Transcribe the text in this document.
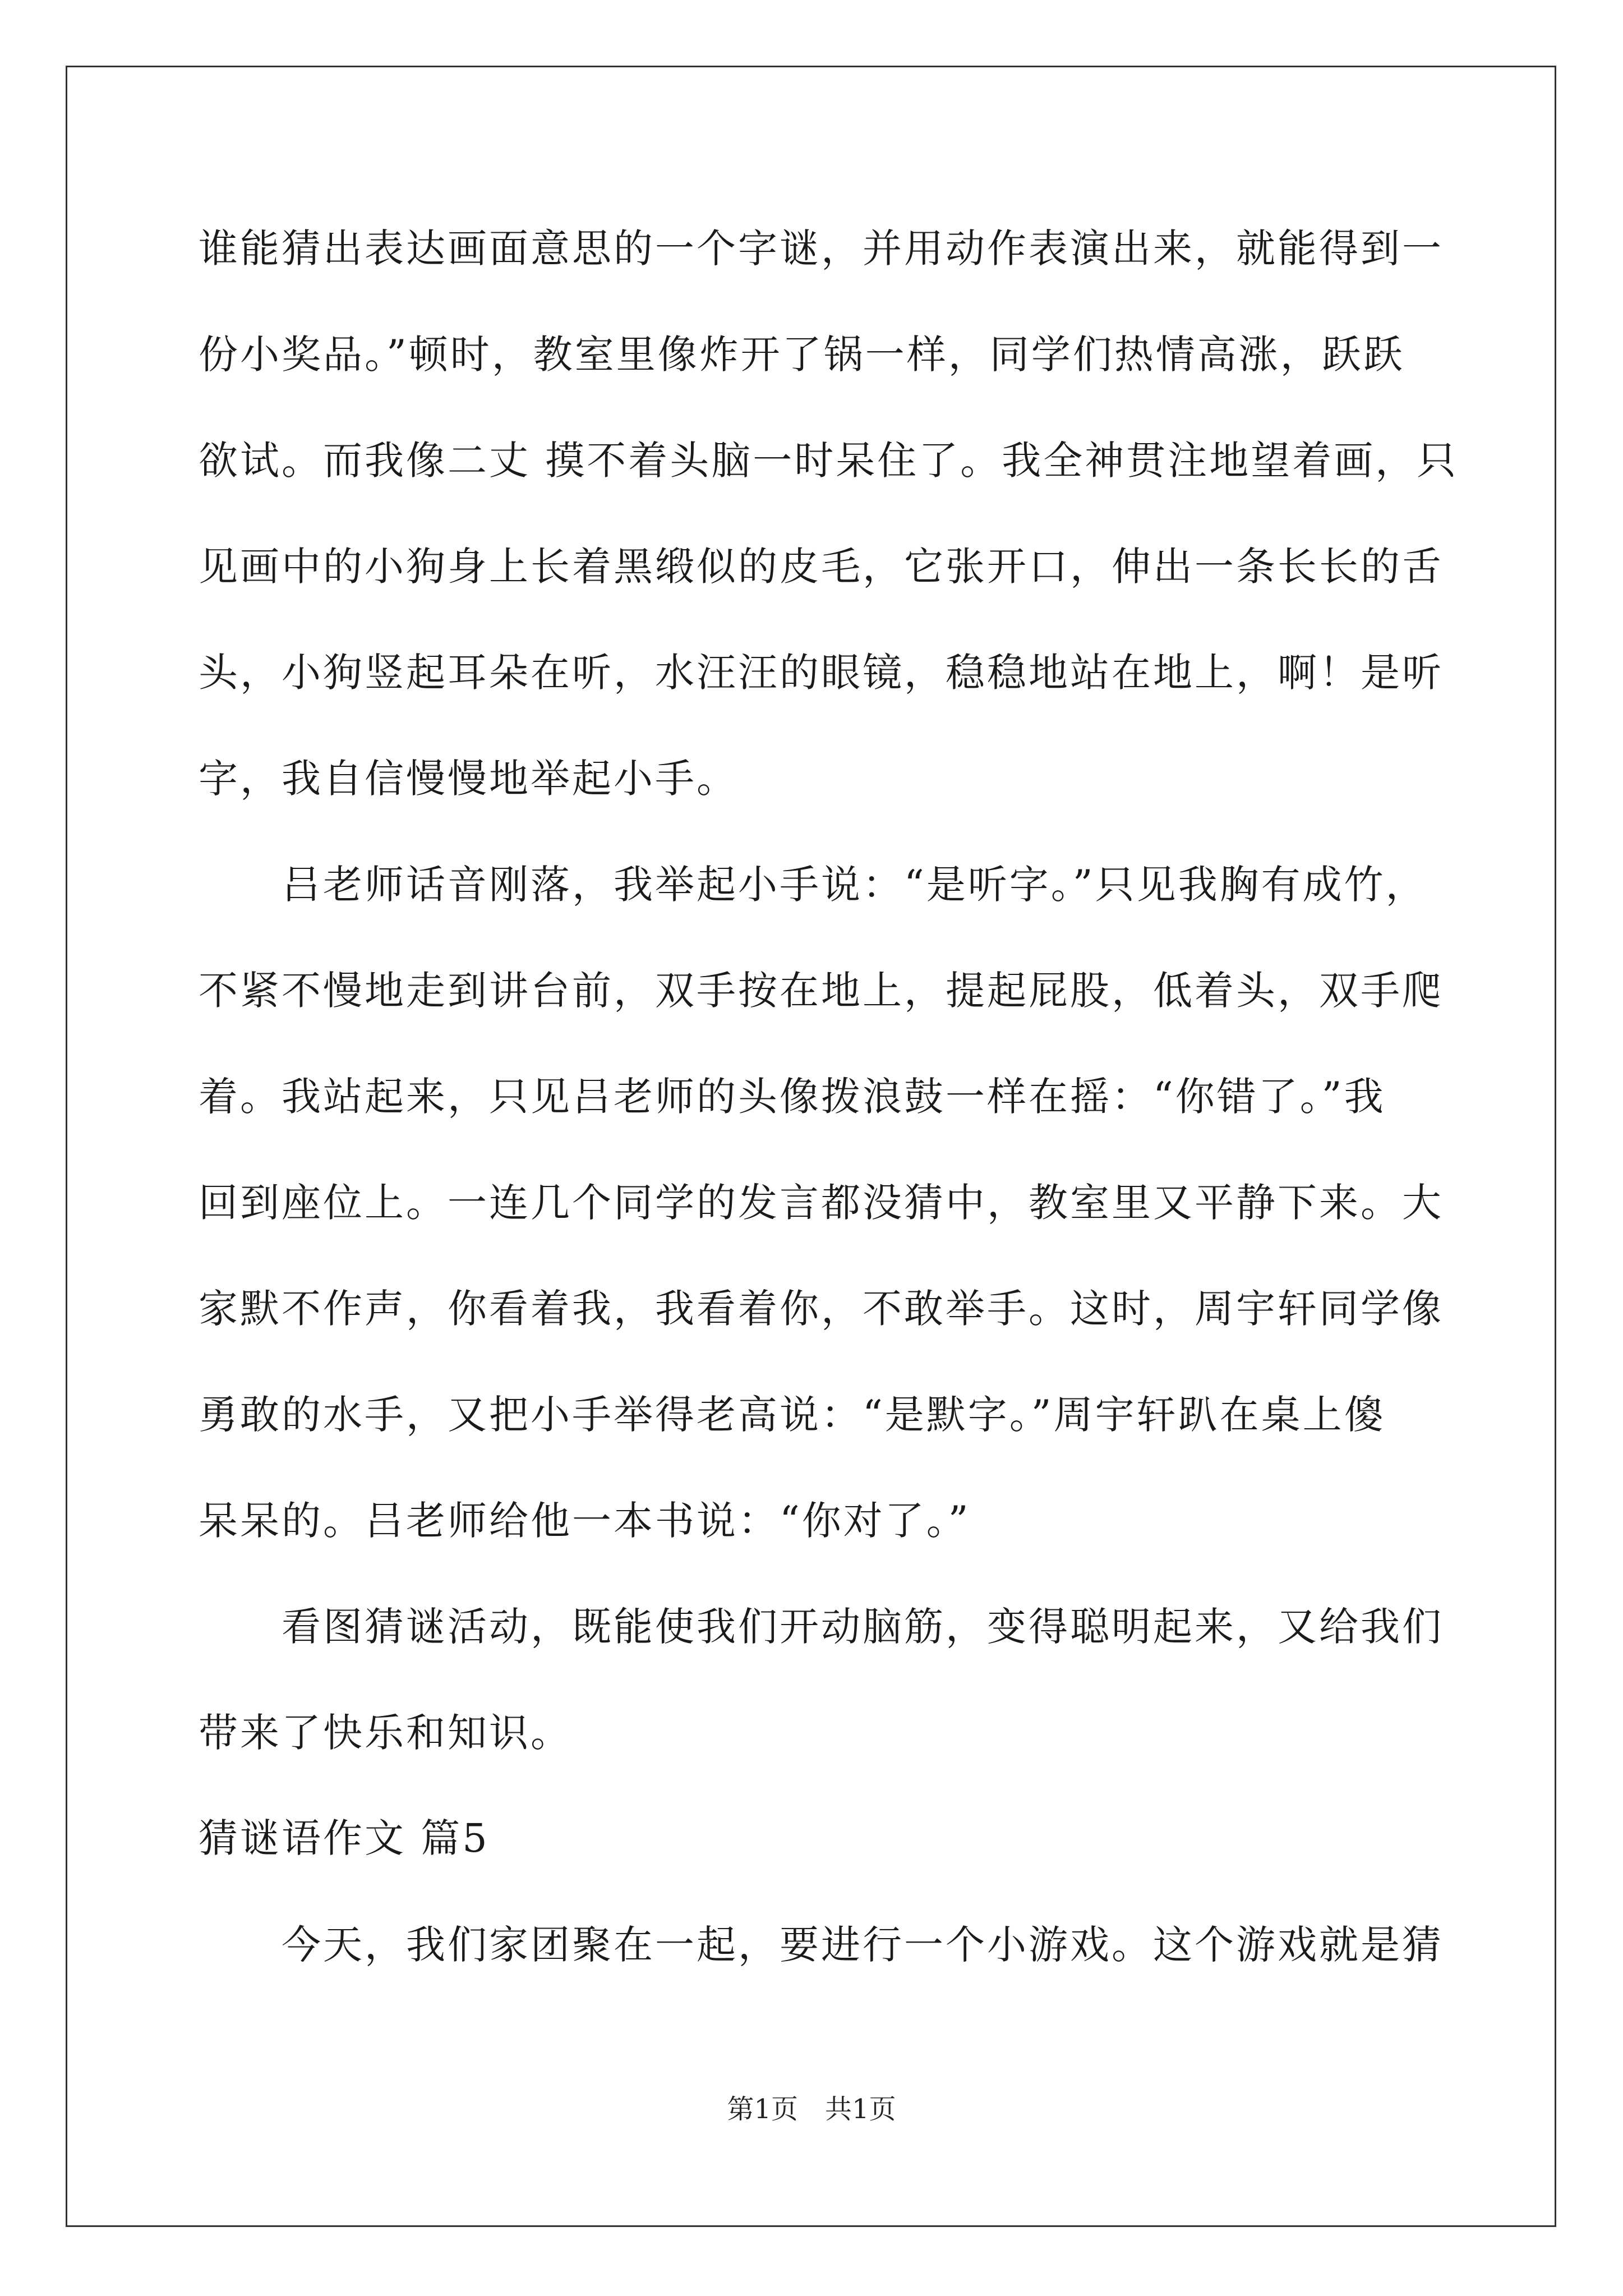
谁能猜出表达画面意思的一个字谜，并用动作表演出来，就能得到一
份小奖品。”顿时，教室里像炸开了锅一样，同学们热情高涨，跃跃
欲试。而我像二丈 摸不着头脑一时呆住了。我全神贯注地望着画，只
见画中的小狗身上长着黑缎似的皮毛，它张开口，伸出一条长长的舌
头，小狗竖起耳朵在听，水汪汪的眼镜，稳稳地站在地上，啊！是听
字，我自信慢慢地举起小手。
　　吕老师话音刚落，我举起小手说：“是听字。”只见我胸有成竹，
不紧不慢地走到讲台前，双手按在地上，提起屁股，低着头，双手爬
着。我站起来，只见吕老师的头像拨浪鼓一样在摇：“你错了。”我
回到座位上。一连几个同学的发言都没猜中，教室里又平静下来。大
家默不作声，你看着我，我看着你，不敢举手。这时，周宇轩同学像
勇敢的水手，又把小手举得老高说：“是默字。”周宇轩趴在桌上傻
呆呆的。吕老师给他一本书说：“你对了。”
　　看图猜谜活动，既能使我们开动脑筋，变得聪明起来，又给我们
带来了快乐和知识。
猜谜语作文 篇5
　　今天，我们家团聚在一起，要进行一个小游戏。这个游戏就是猜
第1页 共1页
